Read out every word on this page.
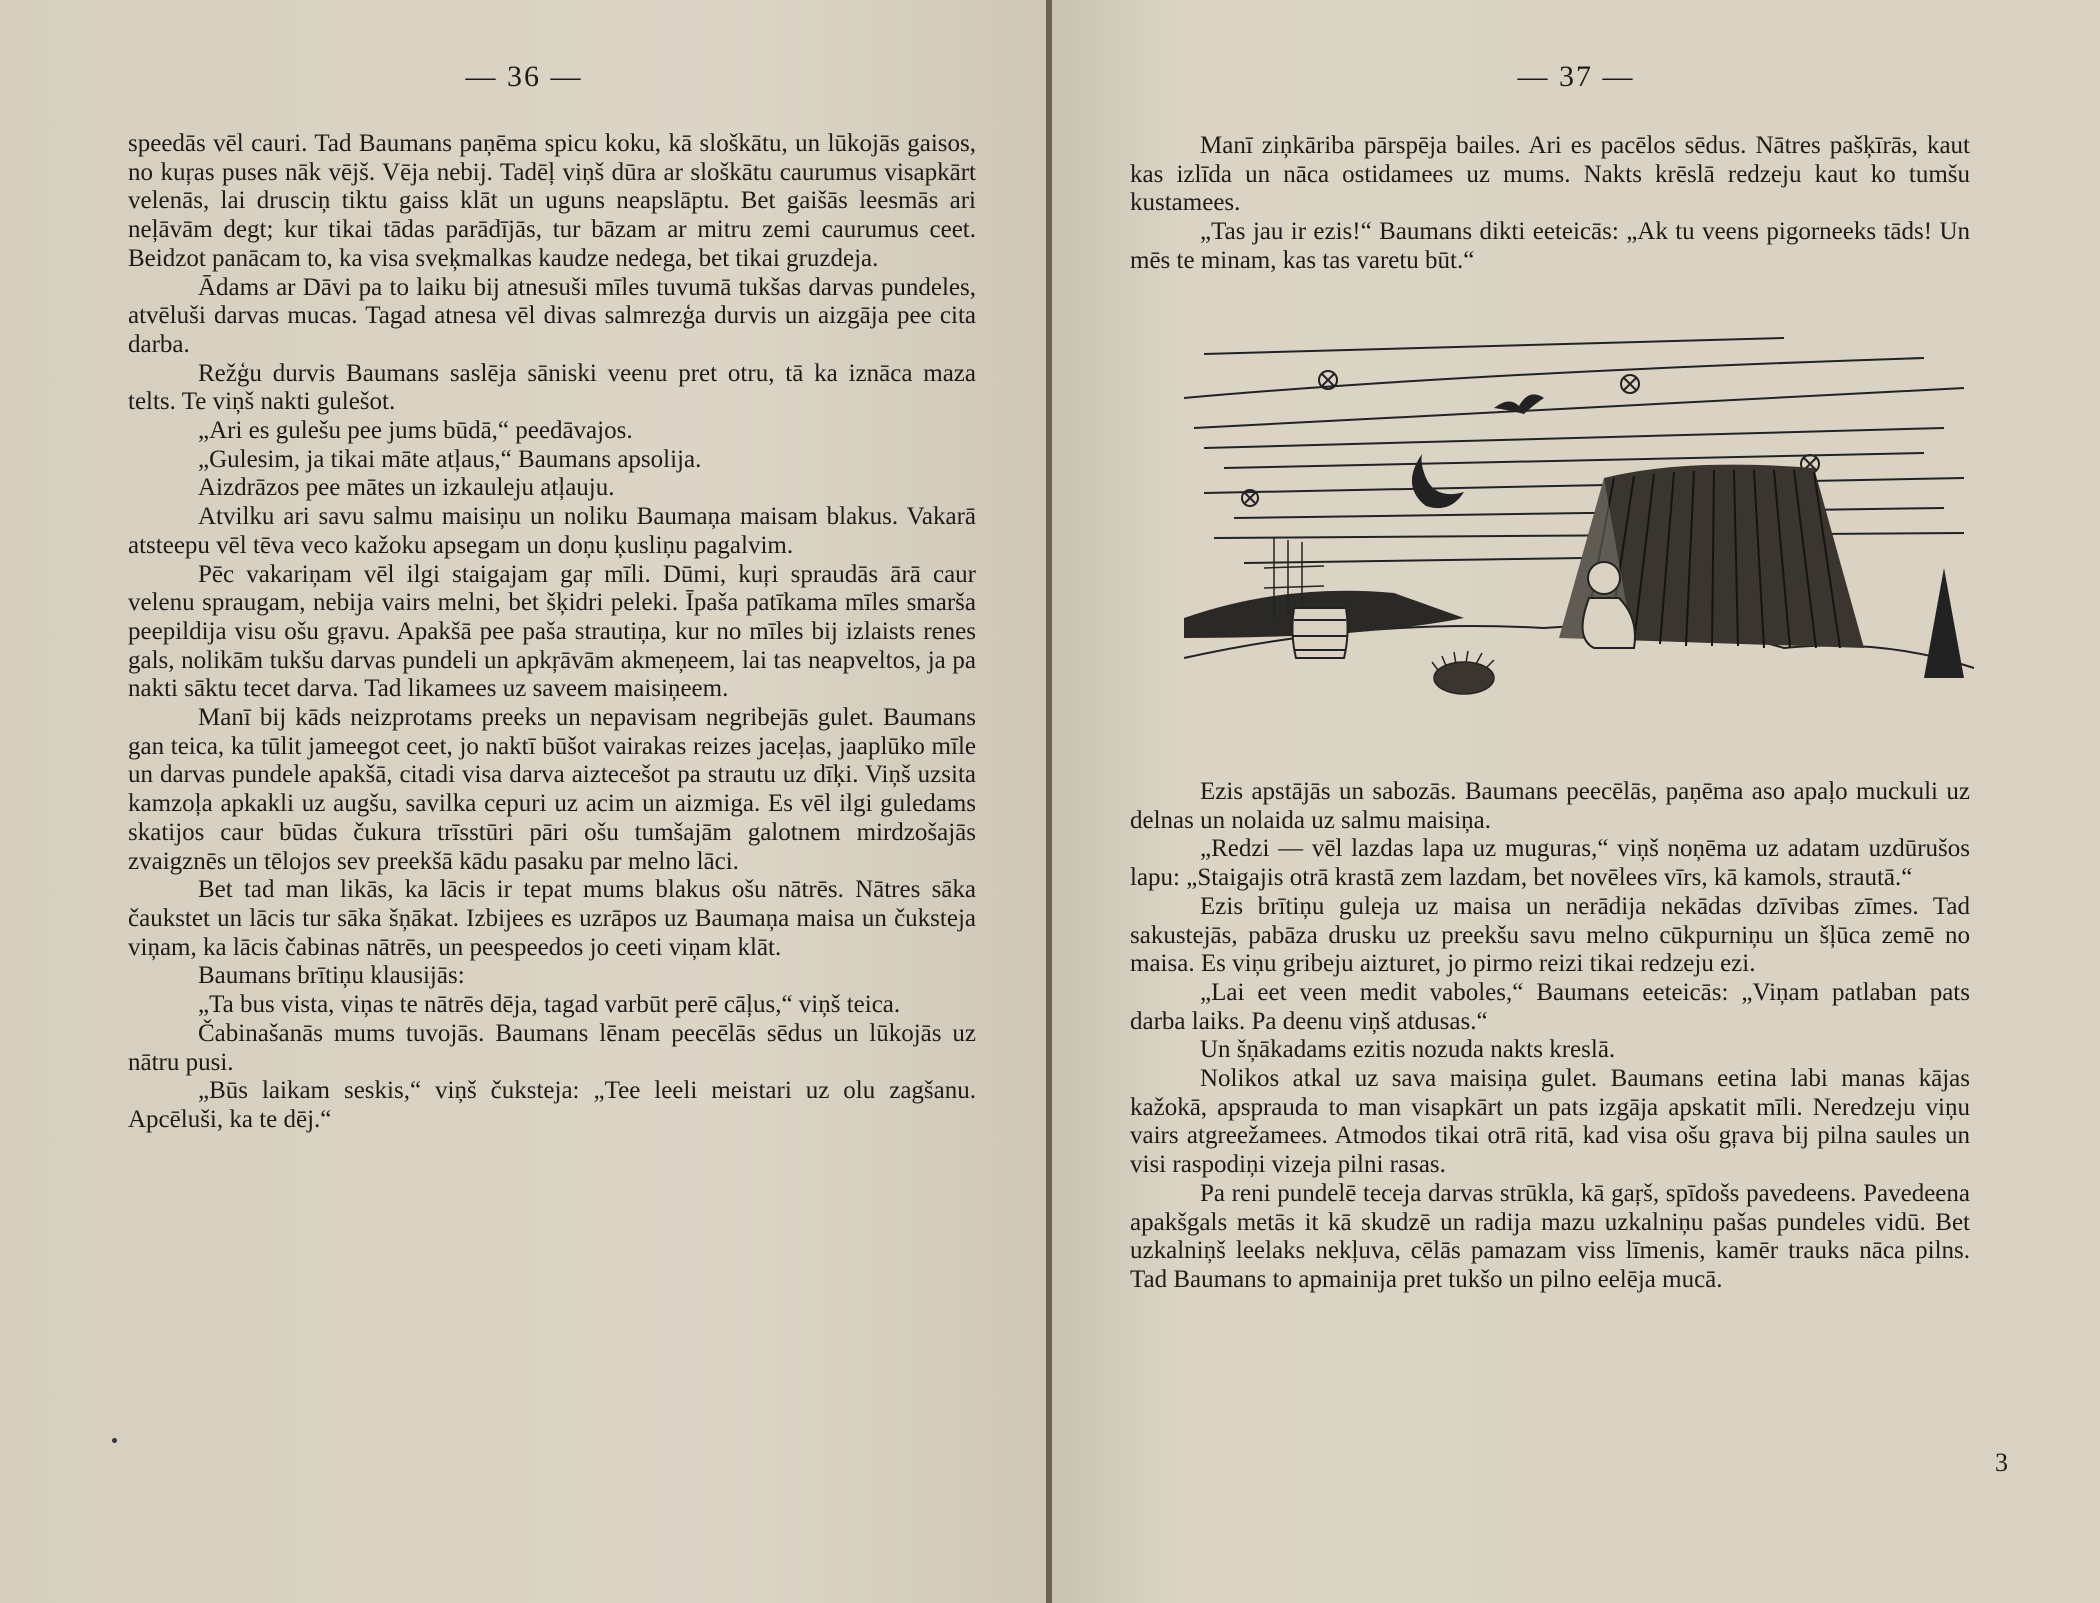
— 36 —

speedās vēl cauri. Tad Baumans paņēma spicu koku, kā sloškātu, un lūkojās gaisos, no kuŗas puses nāk vējš. Vēja nebij. Tadēļ viņš dūra ar sloškātu caurumus visapkārt velenās, lai drusciņ tiktu gaiss klāt un uguns neapslāptu. Bet gaišās leesmās ari neļāvām degt; kur tikai tādas parādījās, tur bāzam ar mitru zemi caurumus ceet. Beidzot panācam to, ka visa sveķmalkas kaudze nedega, bet tikai gruzdeja.

Ādams ar Dāvi pa to laiku bij atnesuši mīles tuvumā tukšas darvas pundeles, atvēluši darvas mucas. Tagad atnesa vēl divas salmrezģa durvis un aizgāja pee cita darba.

Režģu durvis Baumans saslēja sāniski veenu pret otru, tā ka iznāca maza telts. Te viņš nakti gulešot.

„Ari es gulešu pee jums būdā,“ peedāvajos.

„Gulesim, ja tikai māte atļaus,“ Baumans apsolija.

Aizdrāzos pee mātes un izkauleju atļauju.

Atvilku ari savu salmu maisiņu un noliku Baumaņa maisam blakus. Vakarā atsteepu vēl tēva veco kažoku apsegam un doņu ķusliņu pagalvim.

Pēc vakariņam vēl ilgi staigajam gaŗ mīli. Dūmi, kuŗi spraudās ārā caur velenu spraugam, nebija vairs melni, bet šķidri peleki. Īpaša patīkama mīles smarša peepildija visu ošu gŗavu. Apakšā pee paša strautiņa, kur no mīles bij izlaists renes gals, nolikām tukšu darvas pundeli un apkŗāvām akmeņeem, lai tas neapveltos, ja pa nakti sāktu tecet darva. Tad likamees uz saveem maisiņeem.

Manī bij kāds neizprotams preeks un nepavisam negribejās gulet. Baumans gan teica, ka tūlit jameegot ceet, jo naktī būšot vairakas reizes jaceļas, jaaplūko mīle un darvas pundele apakšā, citadi visa darva aiztecešot pa strautu uz dīķi. Viņš uzsita kamzoļa apkakli uz augšu, savilka cepuri uz acim un aizmiga. Es vēl ilgi guledams skatijos caur būdas čukura trīsstūri pāri ošu tumšajām galotnem mirdzošajās zvaigznēs un tēlojos sev preekšā kādu pasaku par melno lāci.

Bet tad man likās, ka lācis ir tepat mums blakus ošu nātrēs. Nātres sāka čaukstet un lācis tur sāka šņākat. Izbijees es uzrāpos uz Baumaņa maisa un čuksteja viņam, ka lācis čabinas nātrēs, un peespeedos jo ceeti viņam klāt.

Baumans brītiņu klausijās:

„Ta bus vista, viņas te nātrēs dēja, tagad varbūt perē cāļus,“ viņš teica.

Čabinašanās mums tuvojās. Baumans lēnam peecēlās sēdus un lūkojās uz nātru pusi.

„Būs laikam seskis,“ viņš čuksteja: „Tee leeli meistari uz olu zagšanu. Apcēluši, ka te dēj.“

— 37 —

Manī ziņkāriba pārspēja bailes. Ari es pacēlos sēdus. Nātres pašķīrās, kaut kas izlīda un nāca ostidamees uz mums. Nakts krēslā redzeju kaut ko tumšu kustamees.

„Tas jau ir ezis!“ Baumans dikti eeteicās: „Ak tu veens pigorneeks tāds! Un mēs te minam, kas tas varetu būt.“

Ezis apstājās un sabozās. Baumans peecēlās, paņēma aso apaļo muckuli uz delnas un nolaida uz salmu maisiņa.

„Redzi — vēl lazdas lapa uz muguras,“ viņš noņēma uz adatam uzdūrušos lapu: „Staigajis otrā krastā zem lazdam, bet novēlees vīrs, kā kamols, strautā.“

Ezis brītiņu guleja uz maisa un nerādija nekādas dzīvibas zīmes. Tad sakustejās, pabāza drusku uz preekšu savu melno cūkpurniņu un šļūca zemē no maisa. Es viņu gribeju aizturet, jo pirmo reizi tikai redzeju ezi.

„Lai eet veen medit vaboles,“ Baumans eeteicās: „Viņam patlaban pats darba laiks. Pa deenu viņš atdusas.“

Un šņākadams ezitis nozuda nakts kreslā.

Nolikos atkal uz sava maisiņa gulet. Baumans eetina labi manas kājas kažokā, apsprauda to man visapkārt un pats izgāja apskatit mīli. Neredzeju viņu vairs atgreežamees. Atmodos tikai otrā ritā, kad visa ošu gŗava bij pilna saules un visi raspodiņi vizeja pilni rasas.

Pa reni pundelē teceja darvas strūkla, kā gaŗš, spīdošs pavedeens. Pavedeena apakšgals metās it kā skudzē un radija mazu uzkalniņu pašas pundeles vidū. Bet uzkalniņš leelaks nekļuva, cēlās pamazam viss līmenis, kamēr trauks nāca pilns. Tad Baumans to apmainija pret tukšo un pilno eelēja mucā.

3
